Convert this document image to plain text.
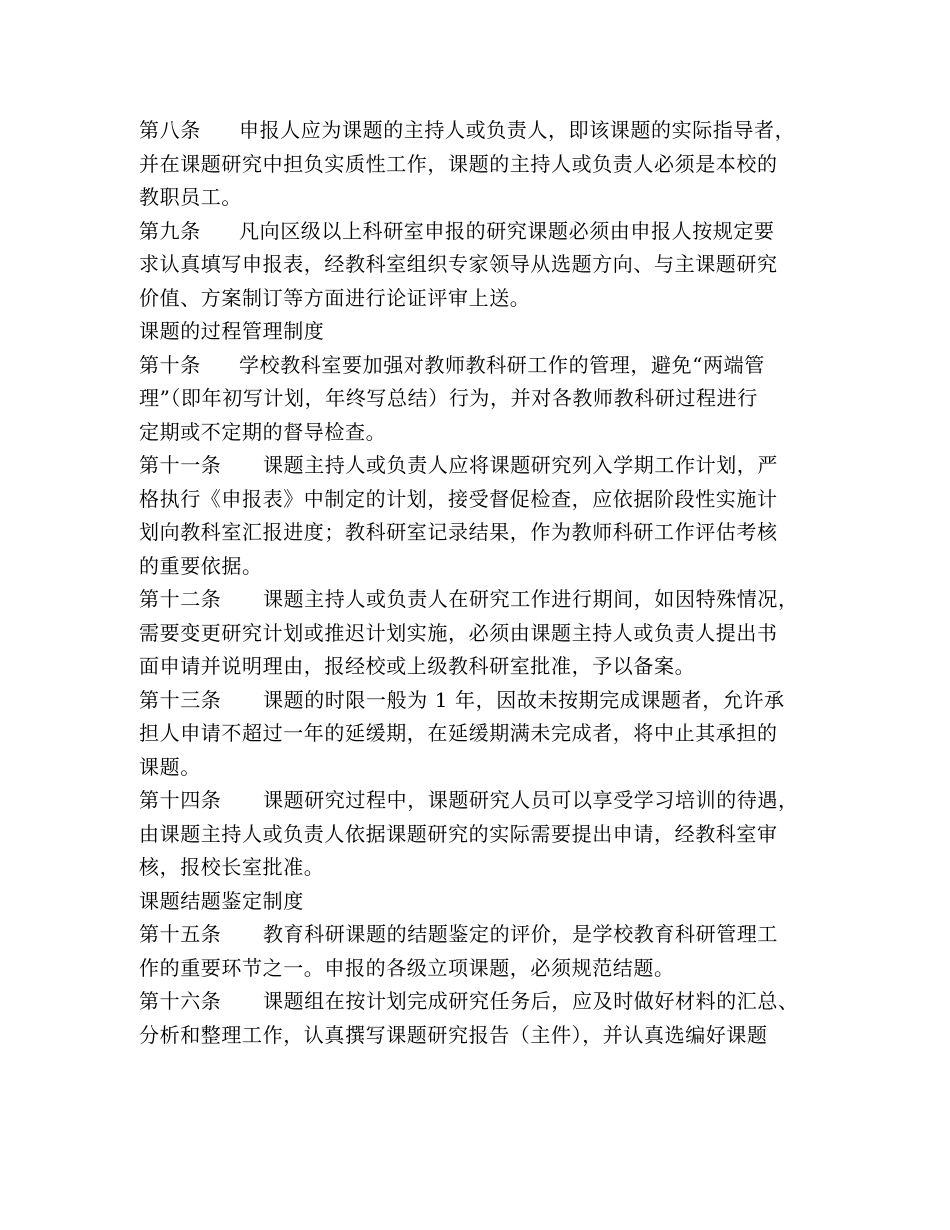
第八条 申报人应为课题的主持人或负责人，即该课题的实际指导者，
并在课题研究中担负实质性工作，课题的主持人或负责人必须是本校的
教职员工。
第九条 凡向区级以上科研室申报的研究课题必须由申报人按规定要
求认真填写申报表，经教科室组织专家领导从选题方向、与主课题研究
价值、方案制订等方面进行论证评审上送。
课题的过程管理制度
第十条 学校教科室要加强对教师教科研工作的管理，避免“两端管
理”（即年初写计划，年终写总结）行为，并对各教师教科研过程进行
定期或不定期的督导检查。
第十一条 课题主持人或负责人应将课题研究列入学期工作计划，严
格执行《申报表》中制定的计划，接受督促检查，应依据阶段性实施计
划向教科室汇报进度；教科研室记录结果，作为教师科研工作评估考核
的重要依据。
第十二条 课题主持人或负责人在研究工作进行期间，如因特殊情况，
需要变更研究计划或推迟计划实施，必须由课题主持人或负责人提出书
面申请并说明理由，报经校或上级教科研室批准，予以备案。
第十三条 课题的时限一般为 1 年，因故未按期完成课题者，允许承
担人申请不超过一年的延缓期，在延缓期满未完成者，将中止其承担的
课题。
第十四条 课题研究过程中，课题研究人员可以享受学习培训的待遇，
由课题主持人或负责人依据课题研究的实际需要提出申请，经教科室审
核，报校长室批准。
课题结题鉴定制度
第十五条 教育科研课题的结题鉴定的评价，是学校教育科研管理工
作的重要环节之一。申报的各级立项课题，必须规范结题。
第十六条 课题组在按计划完成研究任务后，应及时做好材料的汇总、
分析和整理工作，认真撰写课题研究报告（主件），并认真选编好课题
